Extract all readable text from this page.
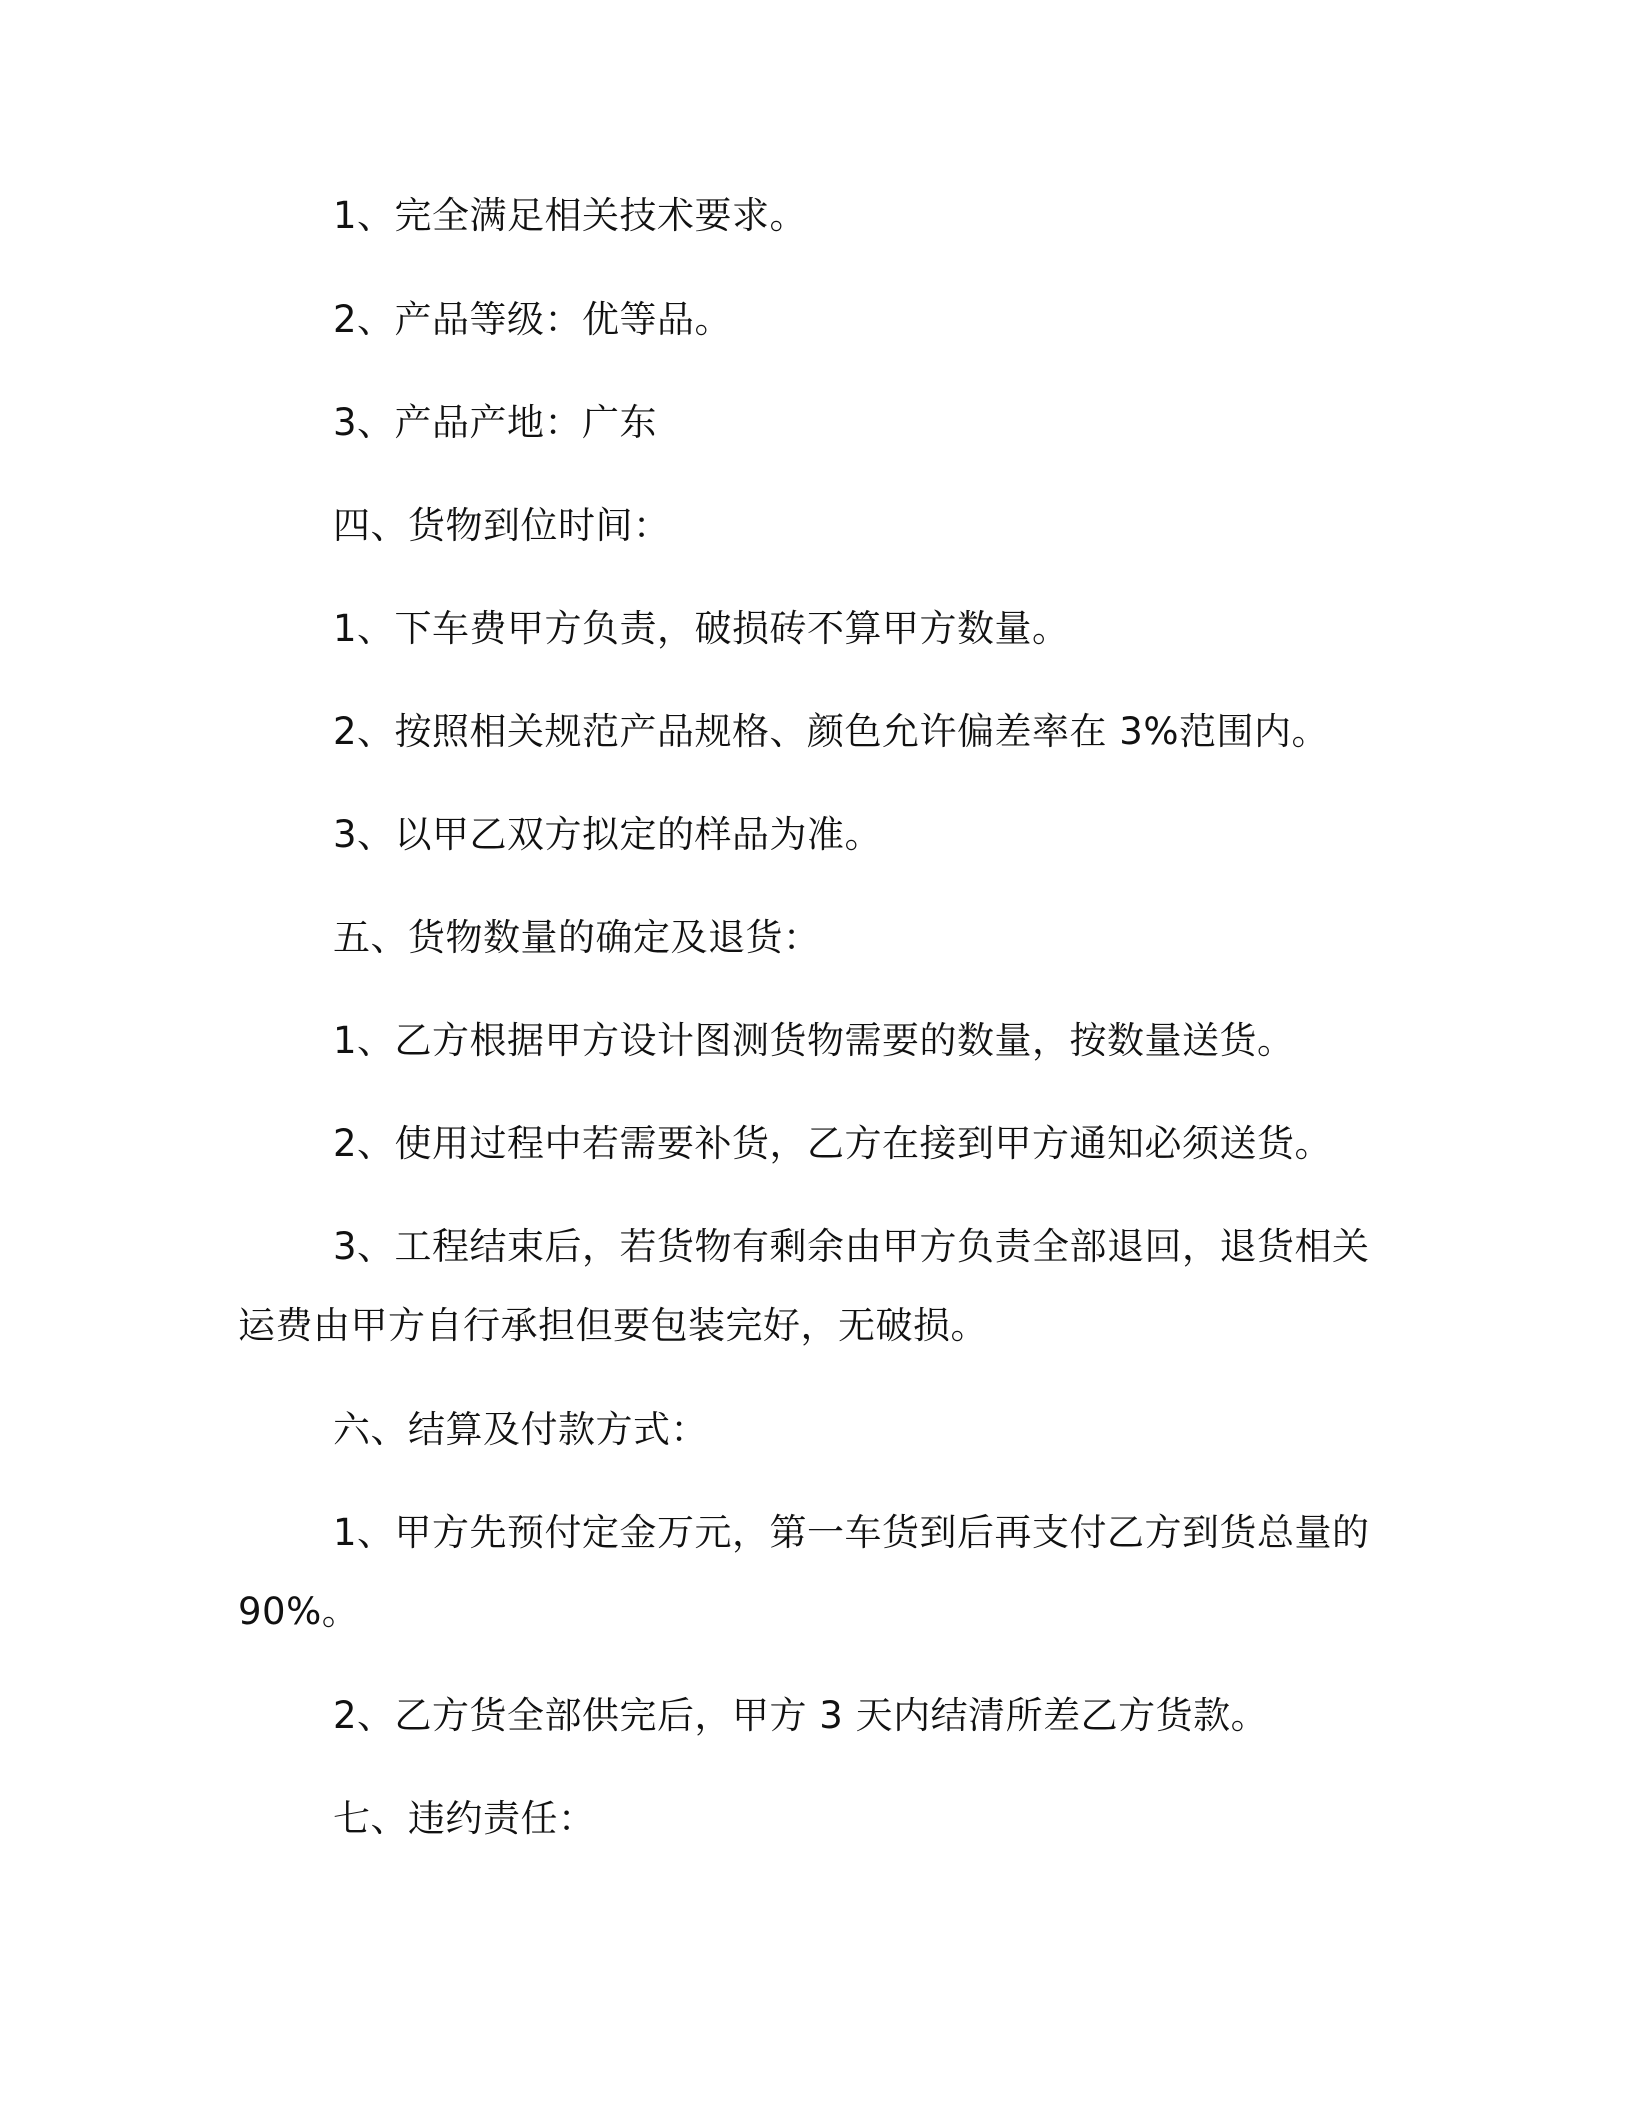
1、完全满足相关技术要求。

2、产品等级：优等品。

3、产品产地：广东

四、货物到位时间：

1、下车费甲方负责，破损砖不算甲方数量。

2、按照相关规范产品规格、颜色允许偏差率在 3%范围内。

3、以甲乙双方拟定的样品为准。

五、货物数量的确定及退货：

1、乙方根据甲方设计图测货物需要的数量，按数量送货。

2、使用过程中若需要补货，乙方在接到甲方通知必须送货。

3、工程结束后，若货物有剩余由甲方负责全部退回，退货相关

运费由甲方自行承担但要包装完好，无破损。

六、结算及付款方式：

1、甲方先预付定金万元，第一车货到后再支付乙方到货总量的

90%。

2、乙方货全部供完后，甲方 3 天内结清所差乙方货款。

七、违约责任：
